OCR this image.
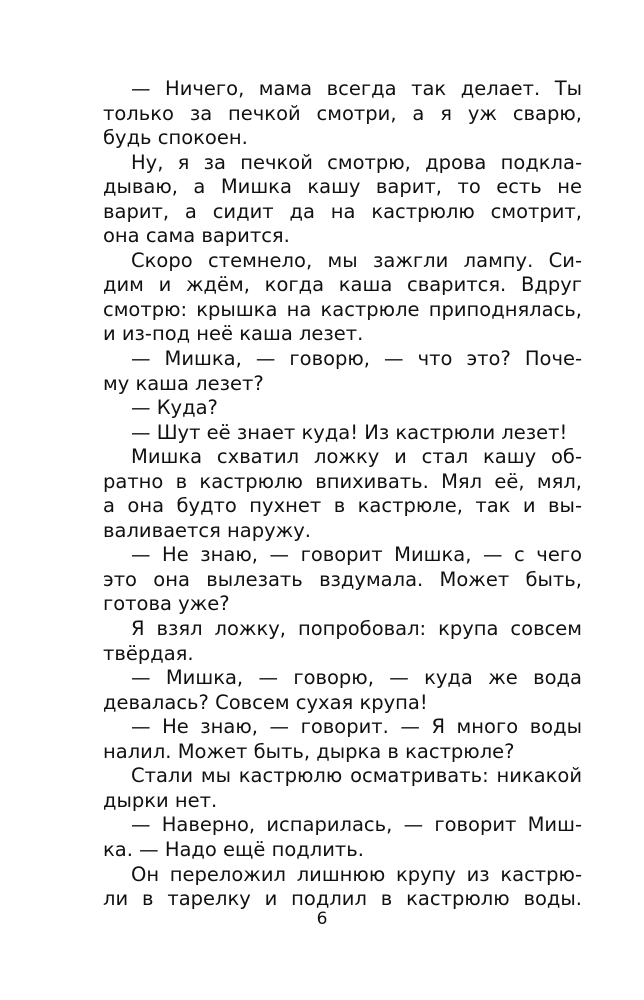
— Ничего, мама всегда так делает. Ты
только за печкой смотри, а я уж сварю,
будь спокоен.
Ну, я за печкой смотрю, дрова подкла-
дываю, а Мишка кашу варит, то есть не
варит, а сидит да на кастрюлю смотрит,
она сама варится.
Скоро стемнело, мы зажгли лампу. Си-
дим и ждём, когда каша сварится. Вдруг
смотрю: крышка на кастрюле приподнялась,
и из-под неё каша лезет.
— Мишка, — говорю, — что это? Поче-
му каша лезет?
— Куда?
— Шут её знает куда! Из кастрюли лезет!
Мишка схватил ложку и стал кашу об-
ратно в кастрюлю впихивать. Мял её, мял,
а она будто пухнет в кастрюле, так и вы-
валивается наружу.
— Не знаю, — говорит Мишка, — с чего
это она вылезать вздумала. Может быть,
готова уже?
Я взял ложку, попробовал: крупа совсем
твёрдая.
— Мишка, — говорю, — куда же вода
девалась? Совсем сухая крупа!
— Не знаю, — говорит. — Я много воды
налил. Может быть, дырка в кастрюле?
Стали мы кастрюлю осматривать: никакой
дырки нет.
— Наверно, испарилась, — говорит Миш-
ка. — Надо ещё подлить.
Он переложил лишнюю крупу из кастрю-
ли в тарелку и подлил в кастрюлю воды.
6
